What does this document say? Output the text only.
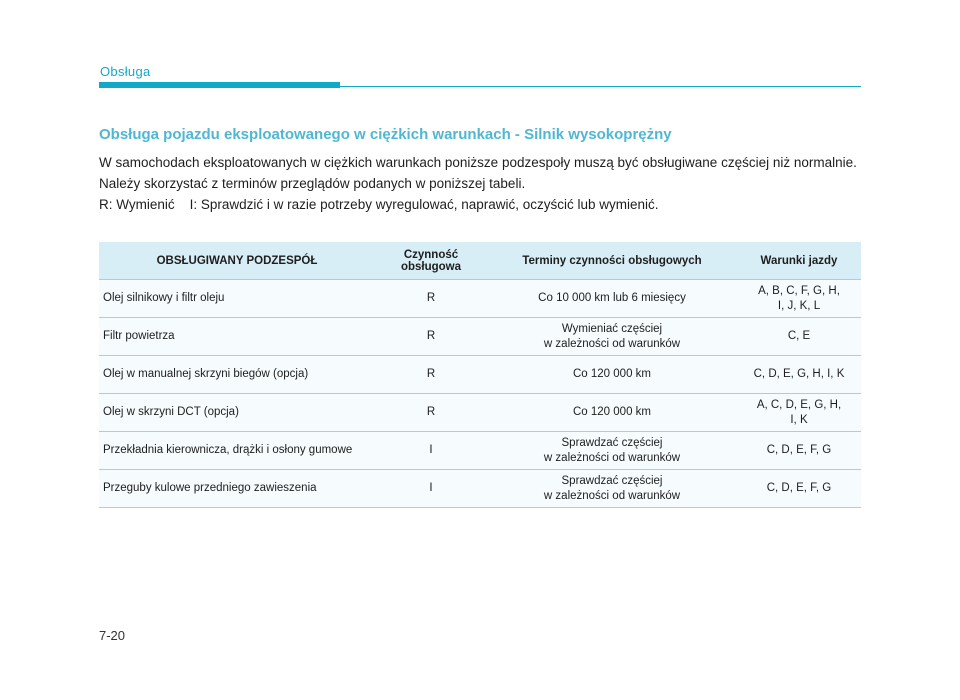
Obsługa
Obsługa pojazdu eksploatowanego w ciężkich warunkach - Silnik wysokoprężny

W samochodach eksploatowanych w ciężkich warunkach poniższe podzespoły muszą być obsługiwane częściej niż normalnie.

Należy skorzystać z terminów przeglądów podanych w poniższej tabeli.

R: Wymienić    I: Sprawdzić i w razie potrzeby wyregulować, naprawić, oczyścić lub wymienić.

OBSŁUGIWANY PODZESPÓŁ	Czynność obsługowa	Terminy czynności obsługowych	Warunki jazdy
Olej silnikowy i filtr oleju	R	Co 10 000 km lub 6 miesięcy	A, B, C, F, G, H,
I, J, K, L

Filtr powietrza	R	Wymieniać częściej
w zależności od warunków	C, E

Olej w manualnej skrzyni biegów (opcja)	R	Co 120 000 km	C, D, E, G, H, I, K

Olej w skrzyni DCT (opcja)	R	Co 120 000 km	A, C, D, E, G, H,
I, K

Przekładnia kierownicza, drążki i osłony gumowe	I	Sprawdzać częściej
w zależności od warunków	C, D, E, F, G

Przeguby kulowe przedniego zawieszenia	I	Sprawdzać częściej
w zależności od warunków	C, D, E, F, G
7-20
